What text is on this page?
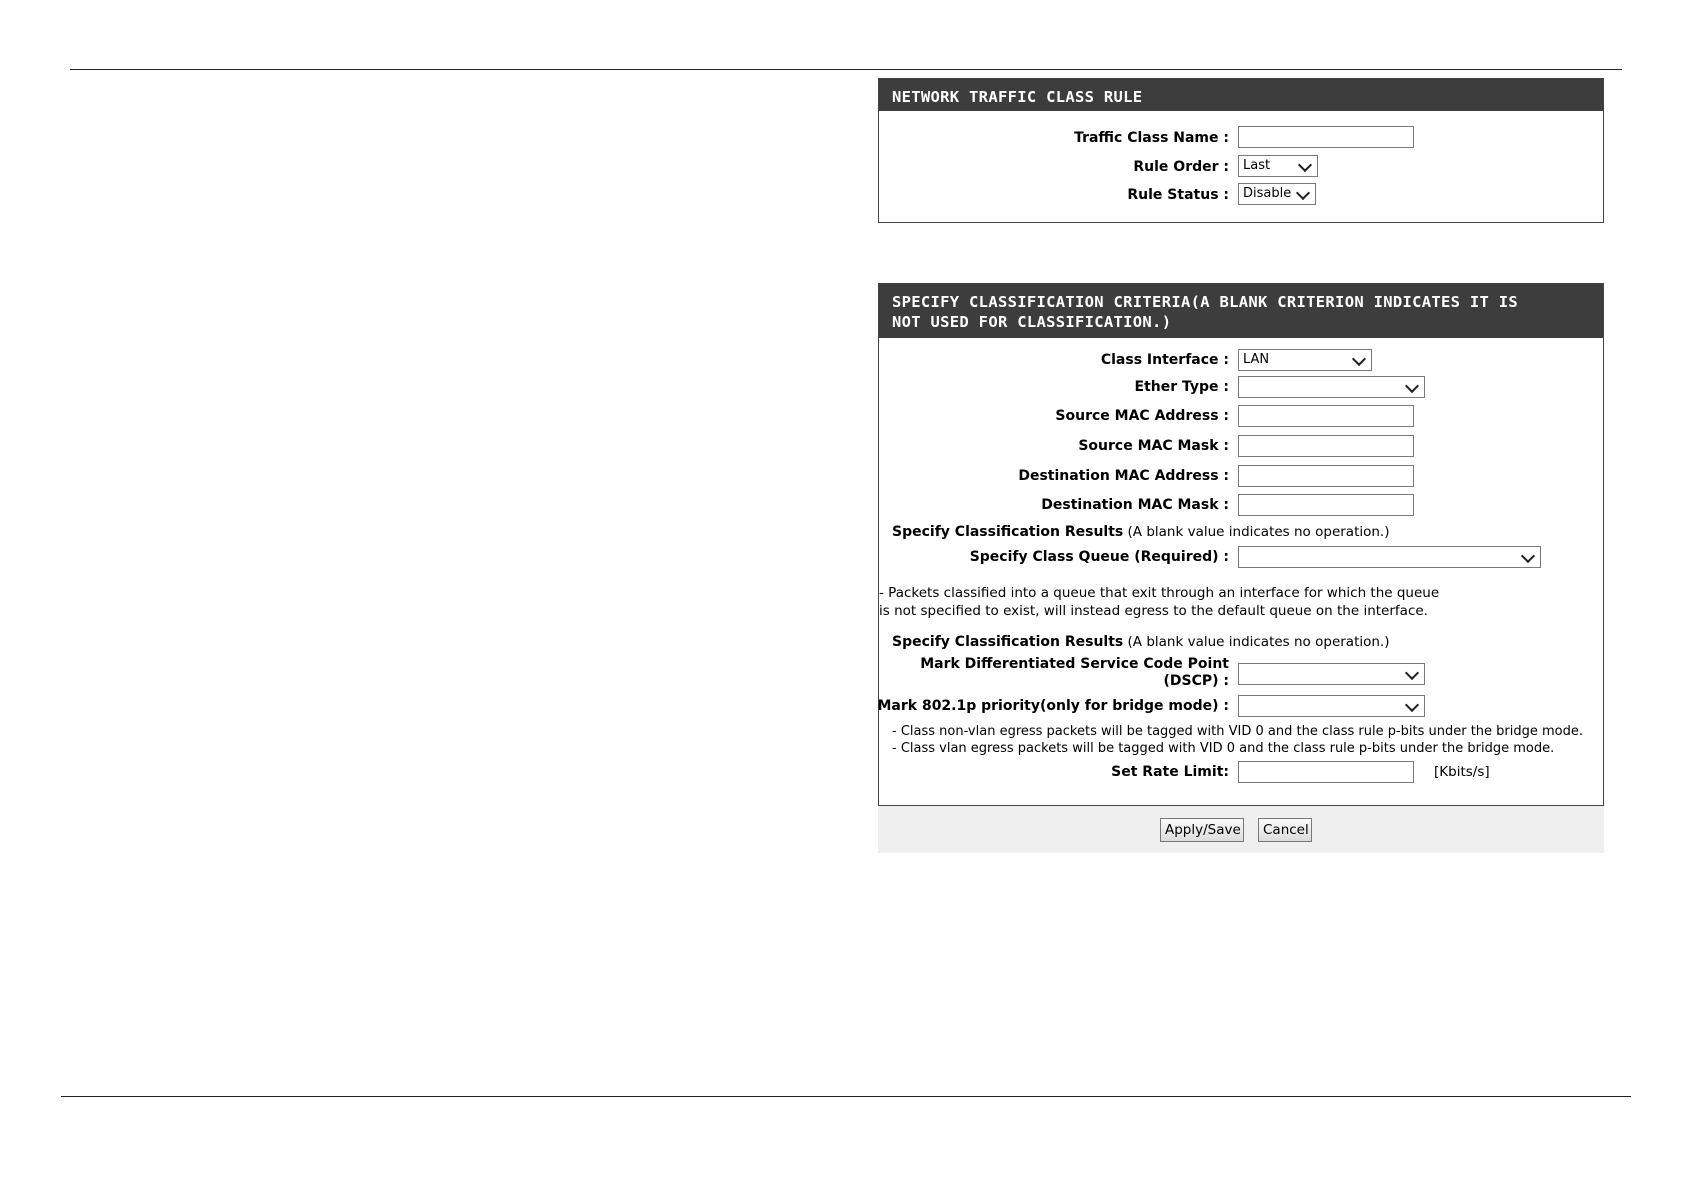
NETWORK TRAFFIC CLASS RULE
Traffic Class Name :
Rule Order : Last
Rule Status : Disable
SPECIFY CLASSIFICATION CRITERIA(A BLANK CRITERION INDICATES IT IS
NOT USED FOR CLASSIFICATION.)
Class Interface : LAN
Ether Type :
Source MAC Address :
Source MAC Mask :
Destination MAC Address :
Destination MAC Mask :
Specify Classification Results (A blank value indicates no operation.)
Specify Class Queue (Required) :
- Packets classified into a queue that exit through an interface for which the queue
is not specified to exist, will instead egress to the default queue on the interface.
Specify Classification Results (A blank value indicates no operation.)
Mark Differentiated Service Code Point
(DSCP) :
Mark 802.1p priority(only for bridge mode) :
- Class non-vlan egress packets will be tagged with VID 0 and the class rule p-bits under the bridge mode.
- Class vlan egress packets will be tagged with VID 0 and the class rule p-bits under the bridge mode.
Set Rate Limit:	[Kbits/s]
Apply/Save	Cancel
